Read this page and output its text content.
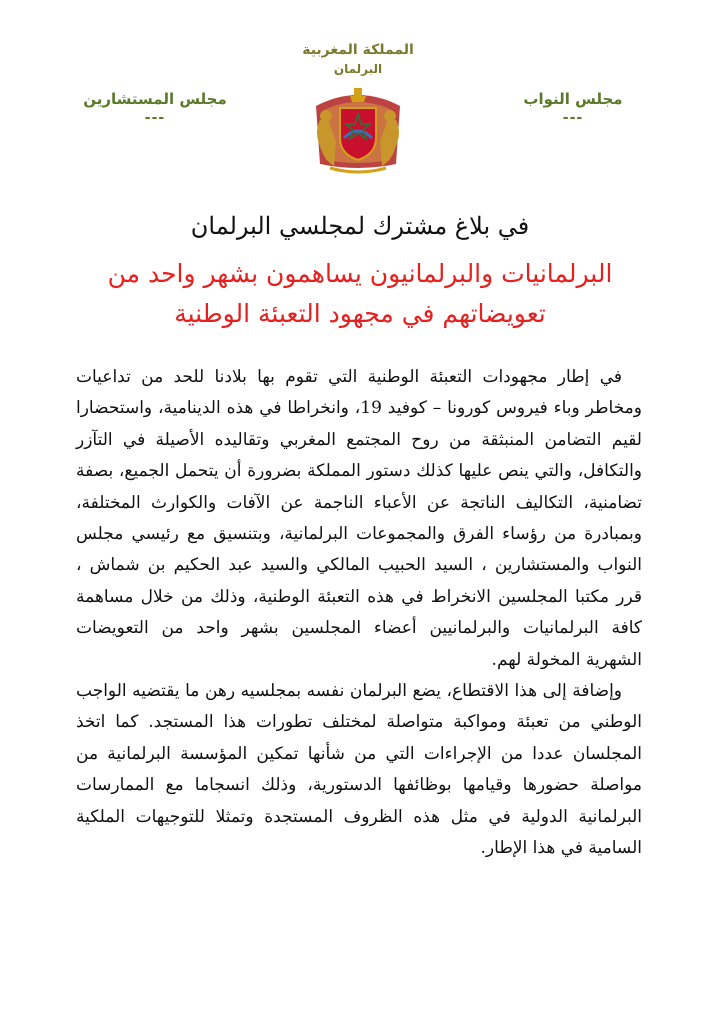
المملكة المغربية
البرلمان
مجلس النواب
---
مجلس المستشارين
---
في بلاغ مشترك لمجلسي البرلمان
البرلمانيات والبرلمانيون يساهمون بشهر واحد من
تعويضاتهم في مجهود التعبئة الوطنية

في إطار مجهودات التعبئة الوطنية التي تقوم بها بلادنا للحد من تداعيات ومخاطر وباء فيروس كورونا – كوفيد 19، وانخراطا في هذه الدينامية، واستحضارا لقيم التضامن المنبثقة من روح المجتمع المغربي وتقاليده الأصيلة في التآزر والتكافل، والتي ينص عليها كذلك دستور المملكة بضرورة أن يتحمل الجميع، بصفة تضامنية، التكاليف الناتجة عن الأعباء الناجمة عن الآفات والكوارث المختلفة، وبمبادرة من رؤساء الفرق والمجموعات البرلمانية، وبتنسيق مع رئيسي مجلس النواب والمستشارين ، السيد الحبيب المالكي والسيد عبد الحكيم بن شماش ، قرر مكتبا المجلسين الانخراط في هذه التعبئة الوطنية، وذلك من خلال مساهمة كافة البرلمانيات والبرلمانيين أعضاء المجلسين بشهر واحد من التعويضات الشهرية المخولة لهم.

وإضافة إلى هذا الاقتطاع، يضع البرلمان نفسه بمجلسيه رهن ما يقتضيه الواجب الوطني من تعبئة ومواكبة متواصلة لمختلف تطورات هذا المستجد. كما اتخذ المجلسان عددا من الإجراءات التي من شأنها تمكين المؤسسة البرلمانية من مواصلة حضورها وقيامها بوظائفها الدستورية، وذلك انسجاما مع الممارسات البرلمانية الدولية في مثل هذه الظروف المستجدة وتمثلا للتوجيهات الملكية السامية في هذا الإطار.
